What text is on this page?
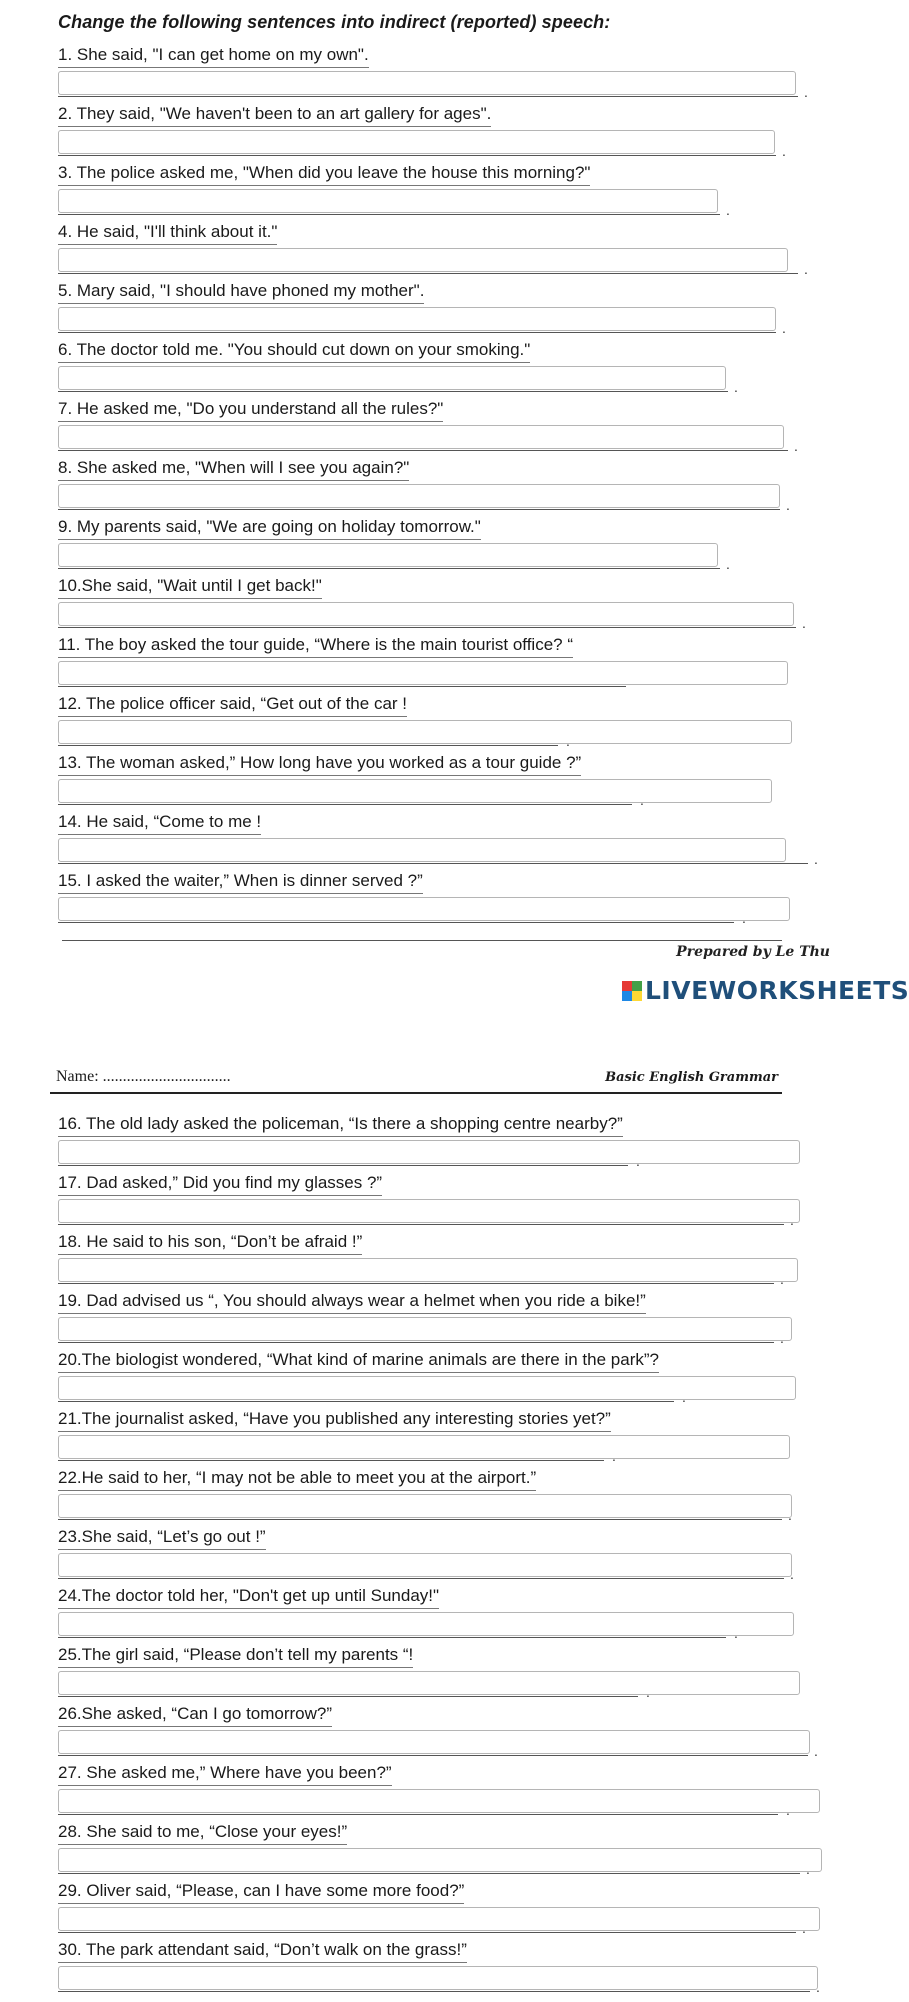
Change the following sentences into indirect (reported) speech:
1. She said, "I can get home on my own".
.
2. They said, "We haven't been to an art gallery for ages".
.
3. The police asked me, "When did you leave the house this morning?"
.
4. He said, "I'll think about it."
.
5. Mary said, "I should have phoned my mother".
.
6. The doctor told me. "You should cut down on your smoking."
.
7. He asked me, "Do you understand all the rules?"
.
8. She asked me, "When will I see you again?"
.
9. My parents said, "We are going on holiday tomorrow."
.
10.She said, "Wait until I get back!"
.
11. The boy asked the tour guide, “Where is the main tourist office? “
12. The police officer said, “Get out of the car !
.
13. The woman asked,” How long have you worked as a tour guide ?”
.
14. He said, “Come to me !
.
15. I asked the waiter,” When is dinner served ?”
.
16. The old lady asked the policeman, “Is there a shopping centre nearby?”
.
17. Dad asked,” Did you find my glasses ?”
.
18. He said to his son, “Don’t be afraid !”
.
19. Dad advised us “, You should always wear a helmet when you ride a bike!”
.
20.The biologist wondered, “What kind of marine animals are there in the park”?
.
21.The journalist asked, “Have you published any interesting stories yet?”
.
22.He said to her, “I may not be able to meet you at the airport.”
.
23.She said, “Let’s go out !”
.
24.The doctor told her, "Don't get up until Sunday!"
.
25.The girl said, “Please don’t tell my parents “!
.
26.She asked, “Can I go tomorrow?”
.
27. She asked me,” Where have you been?”
.
28. She said to me, “Close your eyes!”
.
29. Oliver said, “Please, can I have some more food?”
.
30. The park attendant said, “Don’t walk on the grass!”
.
Prepared by Le Thu
LIVEWORKSHEETS
Name: ................................	Basic English Grammar
